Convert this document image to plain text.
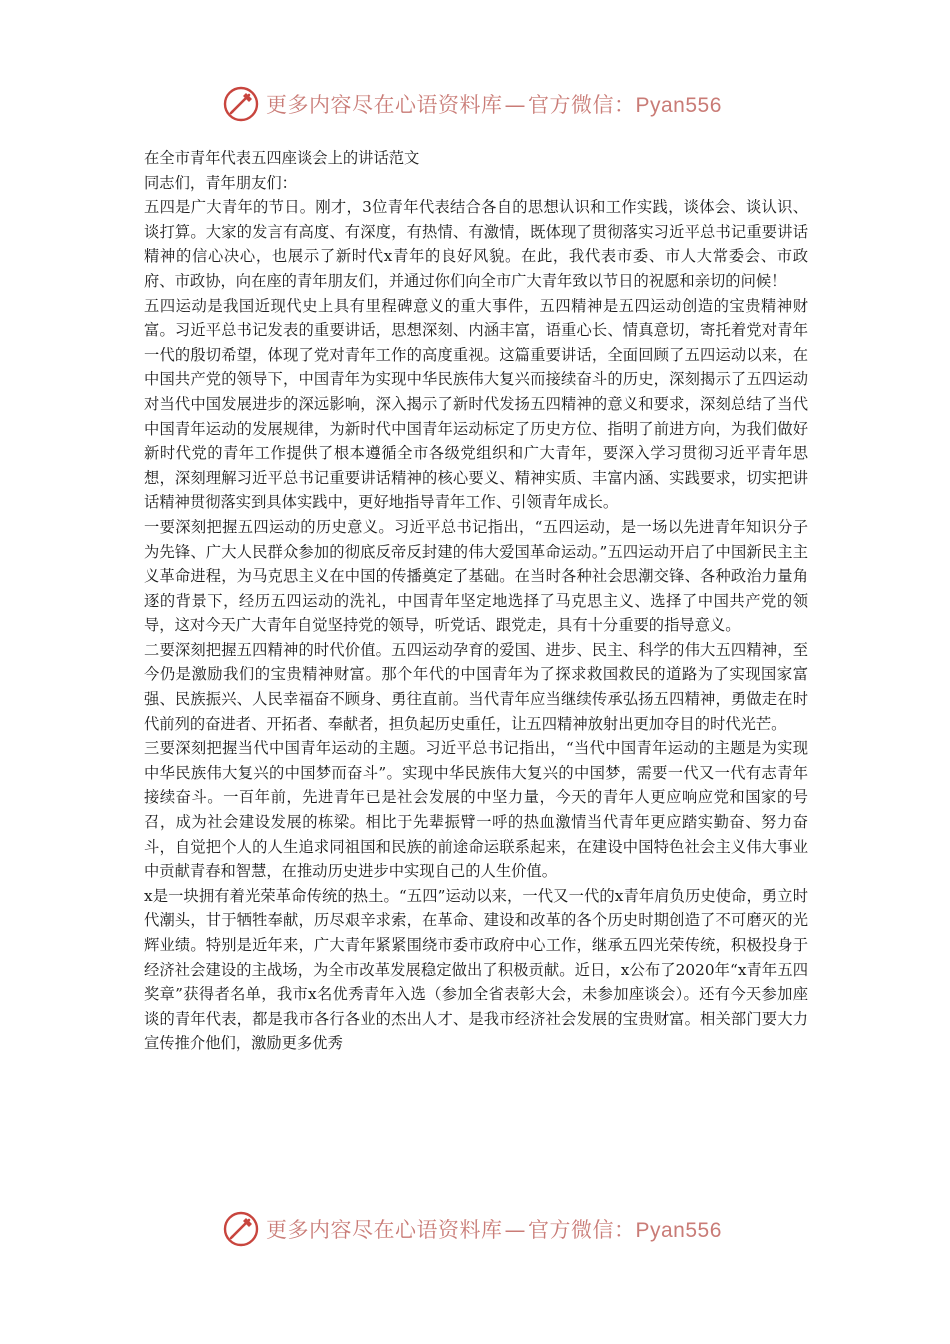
更多内容尽在心语资料库—官方微信：Pyan556

在全市青年代表五四座谈会上的讲话范文

同志们，青年朋友们：

五四是广大青年的节日。刚才，3位青年代表结合各自的思想认识和工作实践，谈体会、谈认识、谈打算。大家的发言有高度、有深度，有热情、有激情，既体现了贯彻落实习近平总书记重要讲话精神的信心决心，也展示了新时代x青年的良好风貌。在此，我代表市委、市人大常委会、市政府、市政协，向在座的青年朋友们，并通过你们向全市广大青年致以节日的祝愿和亲切的问候！

五四运动是我国近现代史上具有里程碑意义的重大事件，五四精神是五四运动创造的宝贵精神财富。习近平总书记发表的重要讲话，思想深刻、内涵丰富，语重心长、情真意切，寄托着党对青年一代的殷切希望，体现了党对青年工作的高度重视。这篇重要讲话，全面回顾了五四运动以来，在中国共产党的领导下，中国青年为实现中华民族伟大复兴而接续奋斗的历史，深刻揭示了五四运动对当代中国发展进步的深远影响，深入揭示了新时代发扬五四精神的意义和要求，深刻总结了当代中国青年运动的发展规律，为新时代中国青年运动标定了历史方位、指明了前进方向，为我们做好新时代党的青年工作提供了根本遵循全市各级党组织和广大青年，要深入学习贯彻习近平青年思想，深刻理解习近平总书记重要讲话精神的核心要义、精神实质、丰富内涵、实践要求，切实把讲话精神贯彻落实到具体实践中，更好地指导青年工作、引领青年成长。

一要深刻把握五四运动的历史意义。习近平总书记指出，“五四运动，是一场以先进青年知识分子为先锋、广大人民群众参加的彻底反帝反封建的伟大爱国革命运动。”五四运动开启了中国新民主主义革命进程，为马克思主义在中国的传播奠定了基础。在当时各种社会思潮交锋、各种政治力量角逐的背景下，经历五四运动的洗礼，中国青年坚定地选择了马克思主义、选择了中国共产党的领导，这对今天广大青年自觉坚持党的领导，听党话、跟党走，具有十分重要的指导意义。

二要深刻把握五四精神的时代价值。五四运动孕育的爱国、进步、民主、科学的伟大五四精神，至今仍是激励我们的宝贵精神财富。那个年代的中国青年为了探求救国救民的道路为了实现国家富强、民族振兴、人民幸福奋不顾身、勇往直前。当代青年应当继续传承弘扬五四精神，勇做走在时代前列的奋进者、开拓者、奉献者，担负起历史重任，让五四精神放射出更加夺目的时代光芒。

三要深刻把握当代中国青年运动的主题。习近平总书记指出，“当代中国青年运动的主题是为实现中华民族伟大复兴的中国梦而奋斗”。实现中华民族伟大复兴的中国梦，需要一代又一代有志青年接续奋斗。一百年前，先进青年已是社会发展的中坚力量，今天的青年人更应响应党和国家的号召，成为社会建设发展的栋梁。相比于先辈振臂一呼的热血激情当代青年更应踏实勤奋、努力奋斗，自觉把个人的人生追求同祖国和民族的前途命运联系起来，在建设中国特色社会主义伟大事业中贡献青春和智慧，在推动历史进步中实现自己的人生价值。

x是一块拥有着光荣革命传统的热土。“五四”运动以来，一代又一代的x青年肩负历史使命，勇立时代潮头，甘于牺牲奉献，历尽艰辛求索，在革命、建设和改革的各个历史时期创造了不可磨灭的光辉业绩。特别是近年来，广大青年紧紧围绕市委市政府中心工作，继承五四光荣传统，积极投身于经济社会建设的主战场，为全市改革发展稳定做出了积极贡献。近日，x公布了2020年“x青年五四奖章”获得者名单，我市x名优秀青年入选（参加全省表彰大会，未参加座谈会）。还有今天参加座谈的青年代表，都是我市各行各业的杰出人才、是我市经济社会发展的宝贵财富。相关部门要大力宣传推介他们，激励更多优秀

更多内容尽在心语资料库—官方微信：Pyan556
